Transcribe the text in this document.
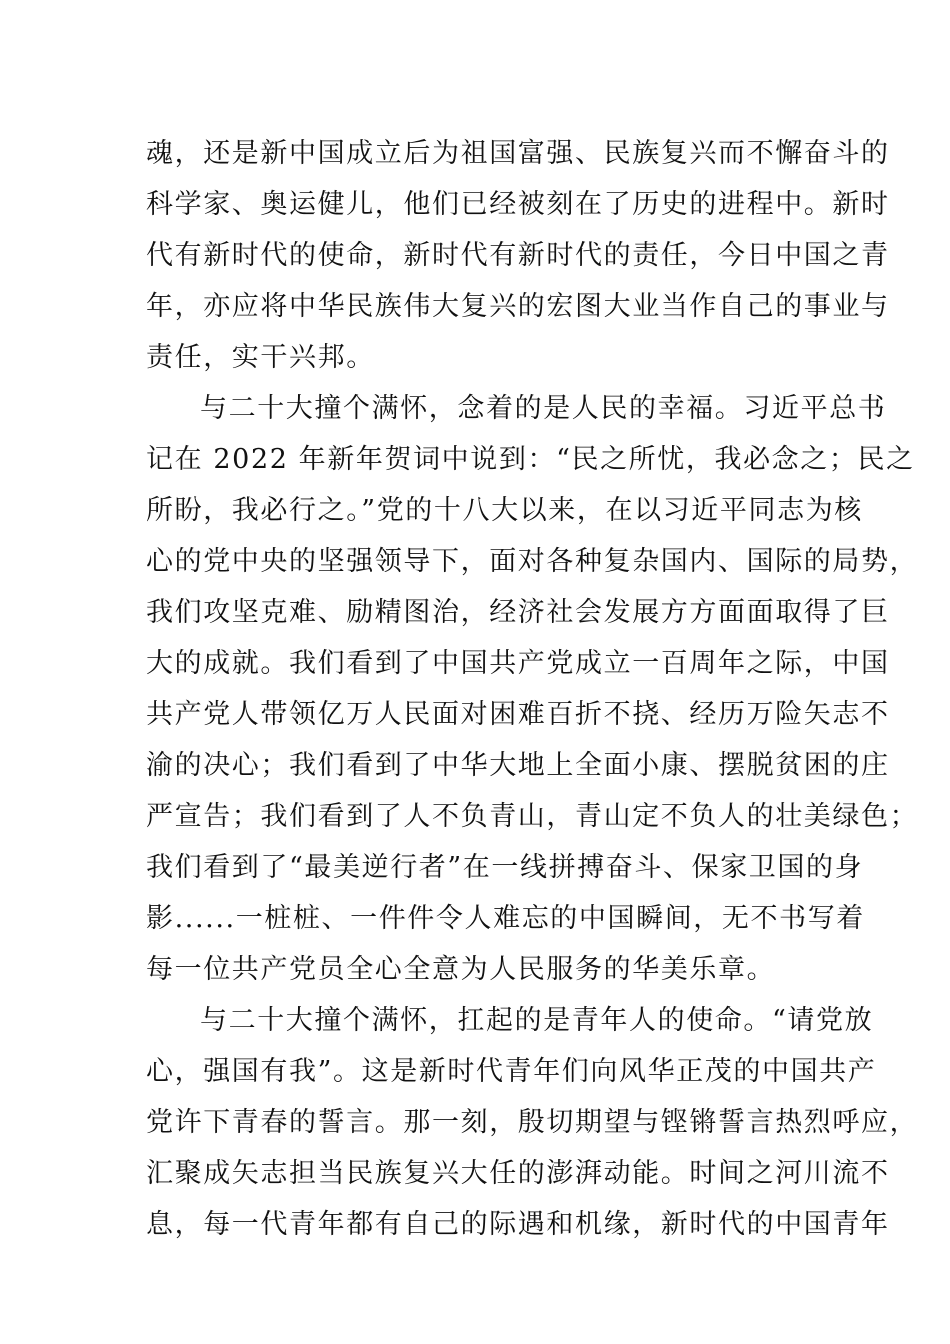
魂，还是新中国成立后为祖国富强、民族复兴而不懈奋斗的
科学家、奥运健儿，他们已经被刻在了历史的进程中。新时
代有新时代的使命，新时代有新时代的责任，今日中国之青
年，亦应将中华民族伟大复兴的宏图大业当作自己的事业与
责任，实干兴邦。
与二十大撞个满怀，念着的是人民的幸福。习近平总书
记在 2022 年新年贺词中说到：“民之所忧，我必念之；民之
所盼，我必行之。”党的十八大以来，在以习近平同志为核
心的党中央的坚强领导下，面对各种复杂国内、国际的局势，
我们攻坚克难、励精图治，经济社会发展方方面面取得了巨
大的成就。我们看到了中国共产党成立一百周年之际，中国
共产党人带领亿万人民面对困难百折不挠、经历万险矢志不
渝的决心；我们看到了中华大地上全面小康、摆脱贫困的庄
严宣告；我们看到了人不负青山，青山定不负人的壮美绿色；
我们看到了“最美逆行者”在一线拼搏奋斗、保家卫国的身
影......一桩桩、一件件令人难忘的中国瞬间，无不书写着
每一位共产党员全心全意为人民服务的华美乐章。
与二十大撞个满怀，扛起的是青年人的使命。“请党放
心，强国有我”。这是新时代青年们向风华正茂的中国共产
党许下青春的誓言。那一刻，殷切期望与铿锵誓言热烈呼应，
汇聚成矢志担当民族复兴大任的澎湃动能。时间之河川流不
息，每一代青年都有自己的际遇和机缘，新时代的中国青年
